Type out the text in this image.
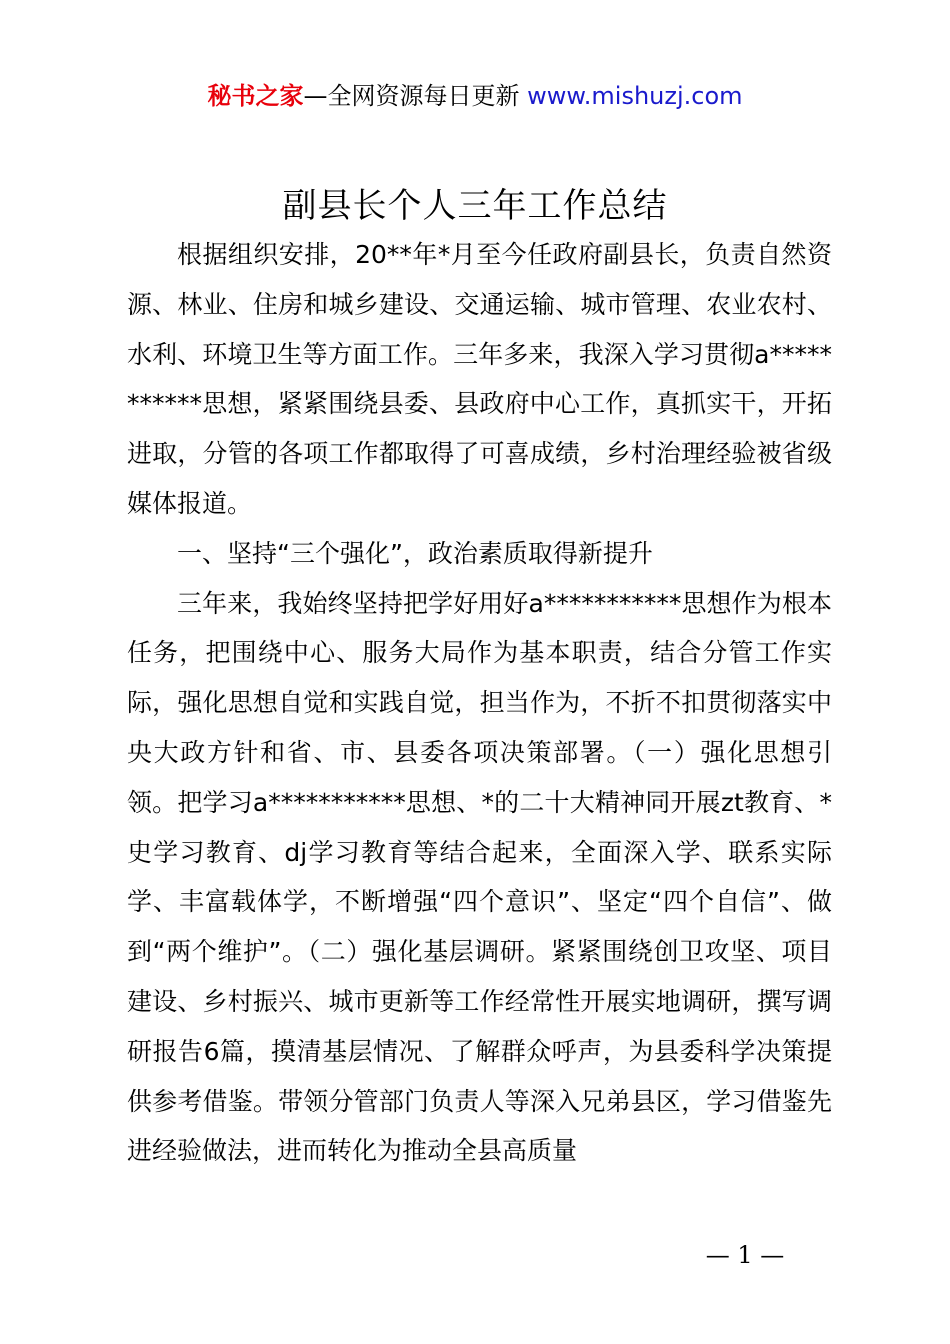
秘书之家—全网资源每日更新 www.mishuzj.com
副县长个人三年工作总结

根据组织安排，20**年*月至今任政府副县长，负责自然资源、林业、住房和城乡建设、交通运输、城市管理、农业农村、水利、环境卫生等方面工作。三年多来，我深入学习贯彻a***********思想，紧紧围绕县委、县政府中心工作，真抓实干，开拓进取，分管的各项工作都取得了可喜成绩，乡村治理经验被省级媒体报道。

一、坚持“三个强化”，政治素质取得新提升

三年来，我始终坚持把学好用好a***********思想作为根本任务，把围绕中心、服务大局作为基本职责，结合分管工作实际，强化思想自觉和实践自觉，担当作为，不折不扣贯彻落实中央大政方针和省、市、县委各项决策部署。（一）强化思想引领。把学习a***********思想、*的二十大精神同开展zt教育、*史学习教育、dj学习教育等结合起来，全面深入学、联系实际学、丰富载体学，不断增强“四个意识”、坚定“四个自信”、做到“两个维护”。（二）强化基层调研。紧紧围绕创卫攻坚、项目建设、乡村振兴、城市更新等工作经常性开展实地调研，撰写调研报告6篇，摸清基层情况、了解群众呼声，为县委科学决策提供参考借鉴。带领分管部门负责人等深入兄弟县区，学习借鉴先进经验做法，进而转化为推动全县高质量

— 1 —
